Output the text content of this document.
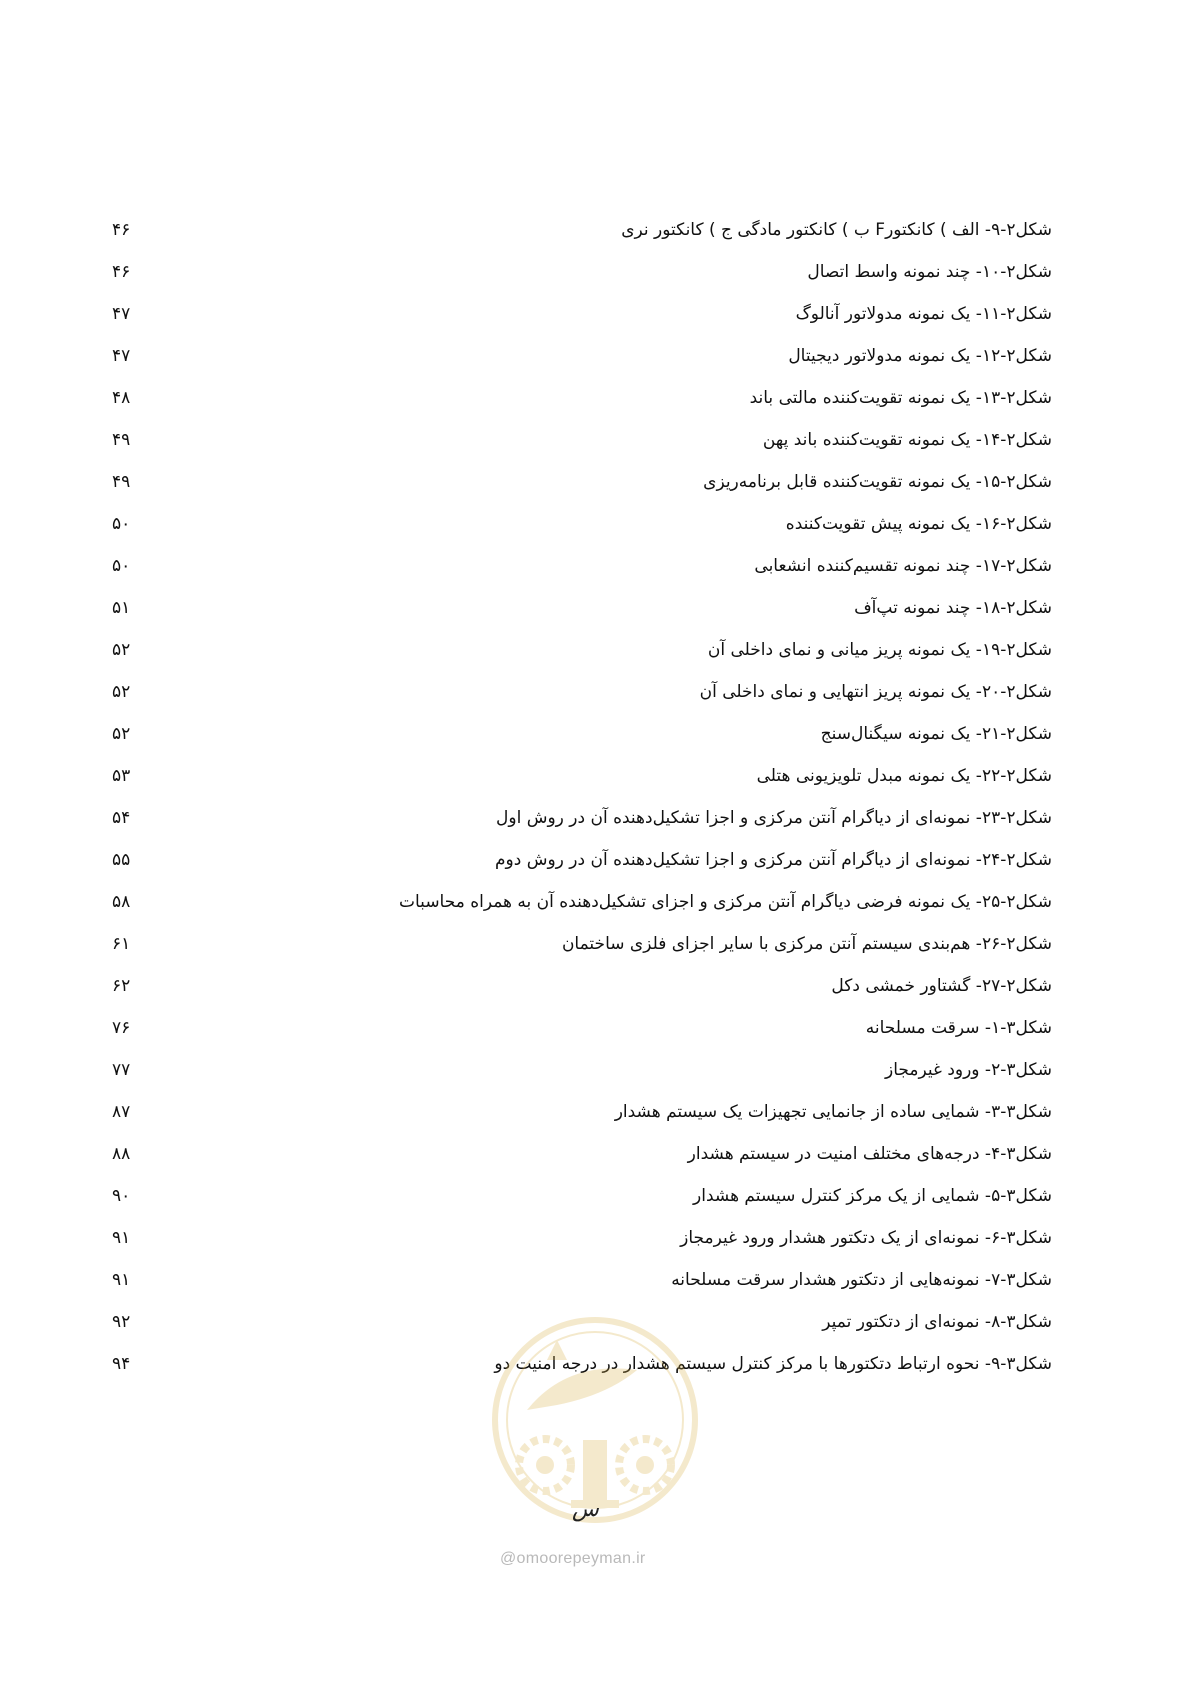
۴۶	شکل۲-۹- الف ) کانکتورF ب ) کانکتور مادگی ج ) کانکتور نری
۴۶	شکل۲-۱۰- چند نمونه واسط اتصال
۴۷	شکل۲-۱۱- یک نمونه مدولاتور آنالوگ
۴۷	شکل۲-۱۲- یک نمونه مدولاتور دیجیتال
۴۸	شکل۲-۱۳- یک نمونه تقویت‌کننده مالتی باند
۴۹	شکل۲-۱۴- یک نمونه تقویت‌کننده باند پهن
۴۹	شکل۲-۱۵- یک نمونه تقویت‌کننده قابل برنامه‌ریزی
۵۰	شکل۲-۱۶- یک نمونه پیش تقویت‌کننده
۵۰	شکل۲-۱۷- چند نمونه تقسیم‌کننده انشعابی
۵۱	شکل۲-۱۸- چند نمونه تپ‌آف
۵۲	شکل۲-۱۹- یک نمونه پریز میانی و نمای داخلی آن
۵۲	شکل۲-۲۰- یک نمونه پریز انتهایی و نمای داخلی آن
۵۲	شکل۲-۲۱- یک نمونه سیگنال‌سنج
۵۳	شکل۲-۲۲- یک نمونه مبدل تلویزیونی هتلی
۵۴	شکل۲-۲۳- نمونه‌ای از دیاگرام آنتن مرکزی و اجزا تشکیل‌دهنده آن در روش اول
۵۵	شکل۲-۲۴- نمونه‌ای از دیاگرام آنتن مرکزی و اجزا تشکیل‌دهنده آن در روش دوم
۵۸	شکل۲-۲۵- یک نمونه فرضی دیاگرام آنتن مرکزی و اجزای تشکیل‌دهنده آن به همراه محاسبات
۶۱	شکل۲-۲۶- هم‌بندی سیستم آنتن مرکزی با سایر اجزای فلزی ساختمان
۶۲	شکل۲-۲۷- گشتاور خمشی دکل
۷۶	شکل۳-۱- سرقت مسلحانه
۷۷	شکل۳-۲- ورود غیرمجاز
۸۷	شکل۳-۳- شمایی ساده از جانمایی تجهیزات یک سیستم هشدار
۸۸	شکل۳-۴- درجه‌های مختلف امنیت در سیستم هشدار
۹۰	شکل۳-۵- شمایی از یک مرکز کنترل سیستم هشدار
۹۱	شکل۳-۶- نمونه‌ای از یک دتکتور هشدار ورود غیرمجاز
۹۱	شکل۳-۷- نمونه‌هایی از دتکتور هشدار سرقت مسلحانه
۹۲	شکل۳-۸- نمونه‌ای از دتکتور تمپر
۹۴	شکل۳-۹- نحوه ارتباط دتکتورها با مرکز کنترل سیستم هشدار در درجه امنیت دو
س
@omoorepeyman.ir
